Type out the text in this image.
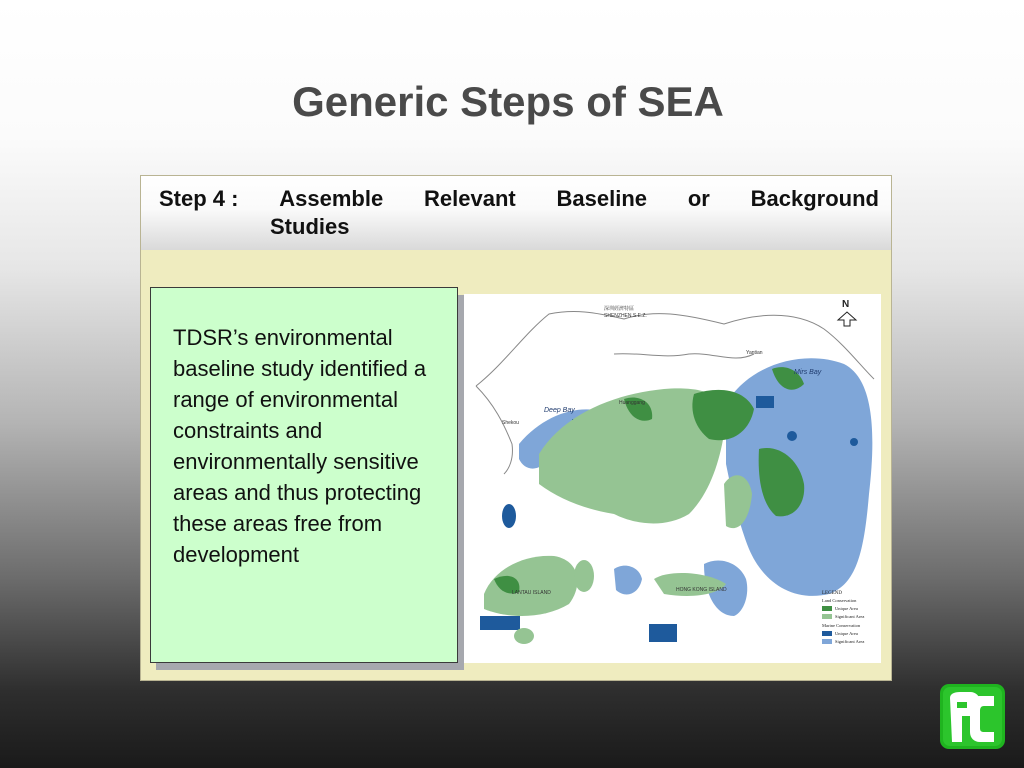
Generic Steps of SEA
Step 4 : Assemble Relevant Baseline or Background
Studies
TDSR’s environmental baseline study identified a range of environmental constraints and environmentally sensitive areas and thus protecting these areas free from development
N
深圳經濟特區
SHENZHEN S.E.Z.
Mirs Bay
Deep Bay
Shekou
Huanggang
Yantian
LANTAU ISLAND	HONG KONG ISLAND
LEGEND
Land Conservation
Unique Area
Significant Area
Marine Conservation
Unique Area
Significant Area
